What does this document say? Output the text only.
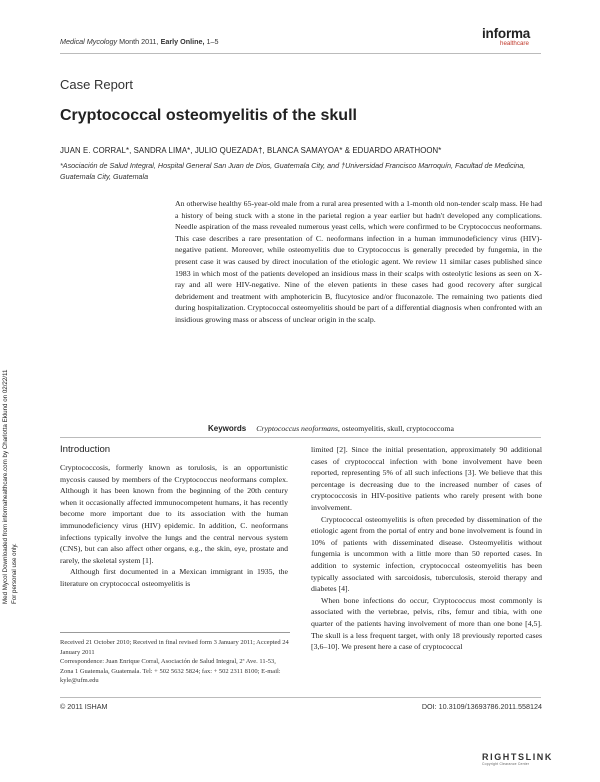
Medical Mycology Month 2011, Early Online, 1–5
informa
healthcare
Case Report
Cryptococcal osteomyelitis of the skull
JUAN E. CORRAL*, SANDRA LIMA*, JULIO QUEZADA†, BLANCA SAMAYOA* & EDUARDO ARATHOON*
*Asociación de Salud Integral, Hospital General San Juan de Dios, Guatemala City, and †Universidad Francisco Marroquín, Facultad de Medicina, Guatemala City, Guatemala
An otherwise healthy 65-year-old male from a rural area presented with a 1-month old non-tender scalp mass. He had a history of being stuck with a stone in the parietal region a year earlier but hadn't developed any complications. Needle aspiration of the mass revealed numerous yeast cells, which were confirmed to be Cryptococcus neoformans. This case describes a rare presentation of C. neoformans infection in a human immunodeficiency virus (HIV)-negative patient. Moreover, while osteomyelitis due to Cryptococcus is generally preceded by fungemia, in the present case it was caused by direct inoculation of the etiologic agent. We review 11 similar cases published since 1983 in which most of the patients developed an insidious mass in their scalps with osteolytic lesions as seen on X-ray and all were HIV-negative. Nine of the eleven patients in these cases had good recovery after surgical debridement and treatment with amphotericin B, flucytosice and/or fluconazole. The remaining two patients died during hospitalization. Cryptococcal osteomyelitis should be part of a differential diagnosis when confronted with an insidious growing mass or abscess of unclear origin in the scalp.
Keywords Cryptococcus neoformans, osteomyelitis, skull, cryptococcoma
Introduction

Cryptococcosis, formerly known as torulosis, is an opportunistic mycosis caused by members of the Cryptococcus neoformans complex. Although it has been known from the beginning of the 20th century when it occasionally affected immunocompetent humans, it has recently become more important due to its association with the human immunodeficiency virus (HIV) epidemic. In addition, C. neoformans infections typically involve the lungs and the central nervous system (CNS), but can also affect other organs, e.g., the skin, eye, prostate and rarely, the skeletal system [1].

Although first documented in a Mexican immigrant in 1935, the literature on cryptococcal osteomyelitis is

limited [2]. Since the initial presentation, approximately 90 additional cases of cryptococcal infection with bone involvement have been reported, representing 5% of all such infections [3]. We believe that this percentage is decreasing due to the increased number of cases of cryptococcosis in HIV-positive patients who rarely present with bone involvement.

Cryptococcal osteomyelitis is often preceded by dissemination of the etiologic agent from the portal of entry and bone involvement is found in 10% of patients with disseminated disease. Osteomyelitis without fungemia is uncommon with a little more than 50 reported cases. In addition to systemic infection, cryptococcal osteomyelitis has been typically associated with sarcoidosis, tuberculosis, steroid therapy and diabetes [4].

When bone infections do occur, Cryptococcus most commonly is associated with the vertebrae, pelvis, ribs, femur and tibia, with one quarter of the patients having involvement of more than one bone [4,5]. The skull is a less frequent target, with only 18 previously reported cases [3,6–10]. We present here a case of cryptococcal

Received 21 October 2010; Received in final revised form 3 January 2011; Accepted 24 January 2011

Correspondence: Juan Enrique Corral, Asociación de Salud Integral, 2ª Ave. 11-53, Zona 1 Guatemala, Guatemala. Tel: + 502 5632 5824; fax: + 502 2311 8100; E-mail: kyle@ufm.edu

© 2011 ISHAM	DOI: 10.3109/13693786.2011.558124
RIGHTSLINK
Copyright Clearance Center
Med Mycol Downloaded from informahealthcare.com by Charlotta Eklund on 02/22/11 For personal use only.
